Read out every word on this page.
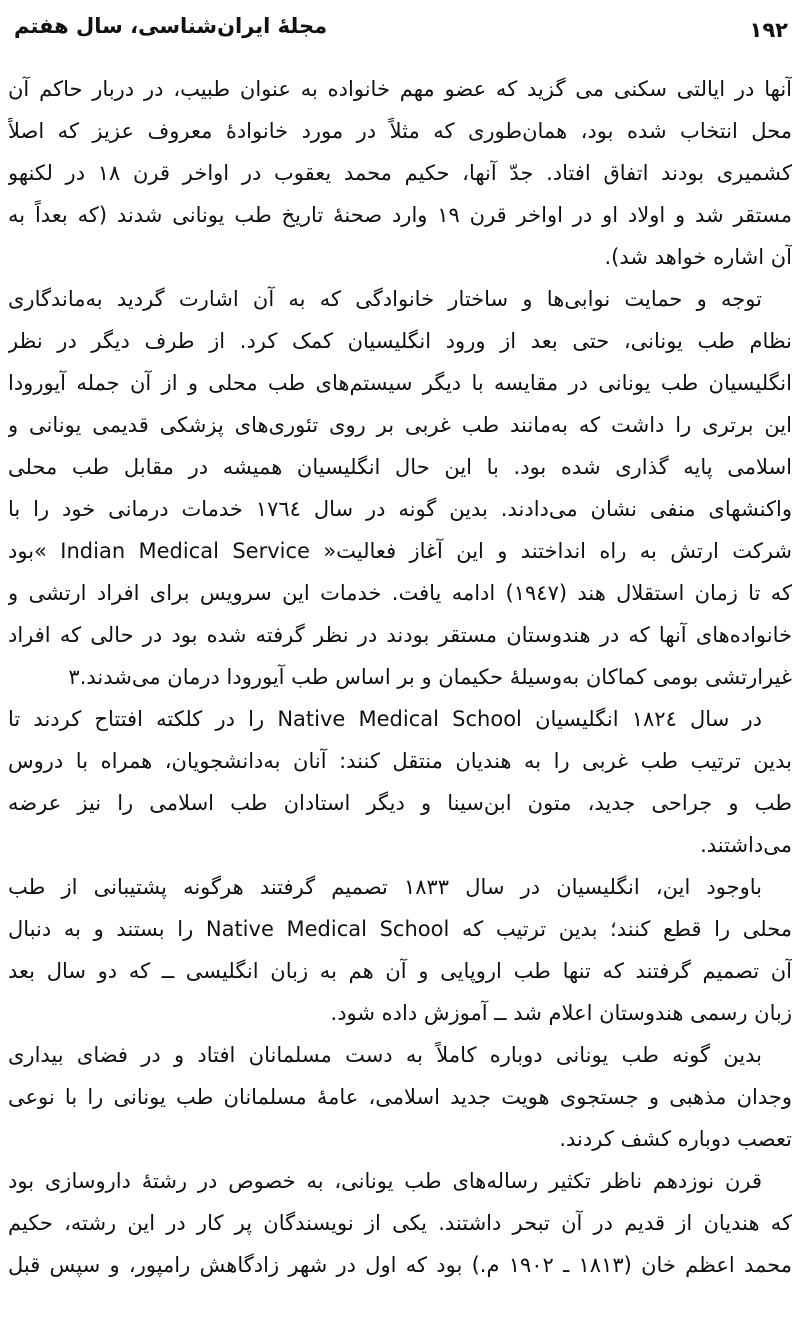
مجلهٔ ایران‌شناسی، سال هفتم	۱۹۲
آنها در ایالتی سکنی می گزید که عضو مهم خانواده به عنوان طبیب، در دربار حاکم آن
محل انتخاب شده بود، همان‌طوری که مثلاً در مورد خانوادهٔ معروف عزیز که اصلاً
کشمیری بودند اتفاق افتاد. جدّ آنها، حکیم محمد یعقوب در اواخر قرن ۱۸ در لکنهو
مستقر شد و اولاد او در اواخر قرن ۱۹ وارد صحنهٔ تاریخ طب یونانی شدند (که بعداً به
آن اشاره خواهد شد).
توجه و حمایت نوابی‌ها و ساختار خانوادگی که به آن اشارت گردید به‌ماندگاری
نظام طب یونانی، حتی بعد از ورود انگلیسیان کمک کرد. از طرف دیگر در نظر
انگلیسیان طب یونانی در مقایسه با دیگر سیستم‌های طب محلی و از آن جمله آیورودا
این برتری را داشت که به‌مانند طب غربی بر روی تئوری‌های پزشکی قدیمی یونانی و
اسلامی پایه گذاری شده بود. با این حال انگلیسیان همیشه در مقابل طب محلی
واکنشهای منفی نشان می‌دادند. بدین گونه در سال ۱۷٦٤ خدمات درمانی خود را با
شرکت ارتش به راه انداختند و این آغاز فعالیت« Indian Medical Service »بود
که تا زمان استقلال هند (۱۹٤۷) ادامه یافت. خدمات این سرویس برای افراد ارتشی و
خانواده‌های آنها که در هندوستان مستقر بودند در نظر گرفته شده بود در حالی که افراد
غیرارتشی بومی کماکان به‌وسیلهٔ حکیمان و بر اساس طب آیورودا درمان می‌شدند.۳
در سال ۱۸۲٤ انگلیسیان Native Medical School را در کلکته افتتاح کردند تا
بدین ترتیب طب غربی را به هندیان منتقل کنند: آنان به‌دانشجویان، همراه با دروس
طب و جراحی جدید، متون ابن‌سینا و دیگر استادان طب اسلامی را نیز عرضه
می‌داشتند.
باوجود این، انگلیسیان در سال ۱۸۳۳ تصمیم گرفتند هرگونه پشتیبانی از طب
محلی را قطع کنند؛ بدین ترتیب که Native Medical School را بستند و به دنبال
آن تصمیم گرفتند که تنها طب اروپایی و آن هم به زبان انگلیسی ــ که دو سال بعد
زبان رسمی هندوستان اعلام شد ــ آموزش داده شود.
بدین گونه طب یونانی دوباره کاملاً به دست مسلمانان افتاد و در فضای بیداری
وجدان مذهبی و جستجوی هویت جدید اسلامی، عامهٔ مسلمانان طب یونانی را با نوعی
تعصب دوباره کشف کردند.
قرن نوزدهم ناظر تکثیر رساله‌های طب یونانی، به خصوص در رشتهٔ داروسازی بود
که هندیان از قدیم در آن تبحر داشتند. یکی از نویسندگان پر کار در این رشته، حکیم
محمد اعظم خان (۱۸۱۳ ـ ۱۹۰۲ م.) بود که اول در شهر زادگاهش رامپور، و سپس قبل
